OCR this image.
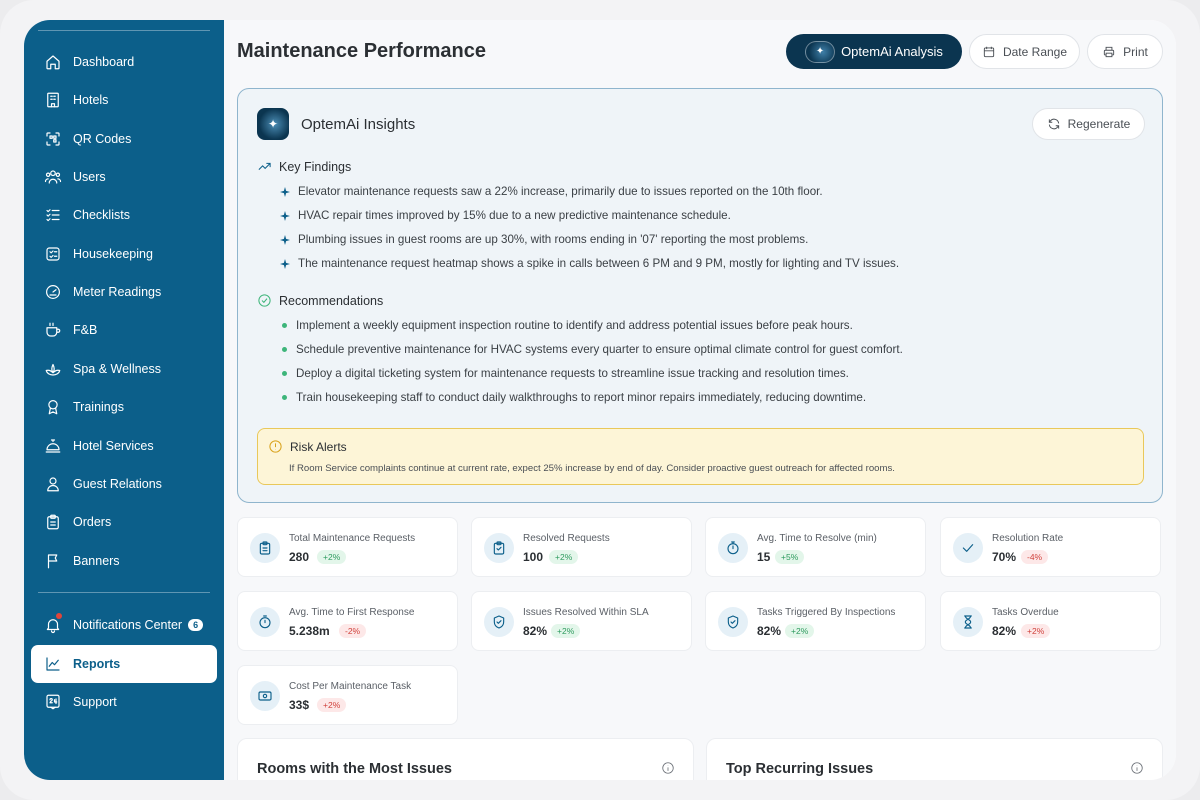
Dashboard
Hotels
QR Codes
Users
Checklists
Housekeeping
Meter Readings
F&B
Spa & Wellness
Trainings
Hotel Services
Guest Relations
Orders
Banners
Notifications Center	6
Reports
Support
Maintenance Performance	✦	OptemAi Analysis	Date Range	Print
✦	OptemAi Insights	Regenerate
Key Findings
Elevator maintenance requests saw a 22% increase, primarily due to issues reported on the 10th floor.
HVAC repair times improved by 15% due to a new predictive maintenance schedule.
Plumbing issues in guest rooms are up 30%, with rooms ending in '07' reporting the most problems.
The maintenance request heatmap shows a spike in calls between 6 PM and 9 PM, mostly for lighting and TV issues.
Recommendations
Implement a weekly equipment inspection routine to identify and address potential issues before peak hours.
Schedule preventive maintenance for HVAC systems every quarter to ensure optimal climate control for guest comfort.
Deploy a digital ticketing system for maintenance requests to streamline issue tracking and resolution times.
Train housekeeping staff to conduct daily walkthroughs to report minor repairs immediately, reducing downtime.
Risk Alerts
If Room Service complaints continue at current rate, expect 25% increase by end of day. Consider proactive guest outreach for affected rooms.
Total Maintenance Requests
280	+2%
Resolved Requests
100	+2%
Avg. Time to Resolve (min)
15	+5%
Resolution Rate
70%	-4%
Avg. Time to First Response
5.238m	-2%
Issues Resolved Within SLA
82%	+2%
Tasks Triggered By Inspections
82%	+2%
Tasks Overdue
82%	+2%
Cost Per Maintenance Task
33$	+2%
Rooms with the Most Issues	Top Recurring Issues
